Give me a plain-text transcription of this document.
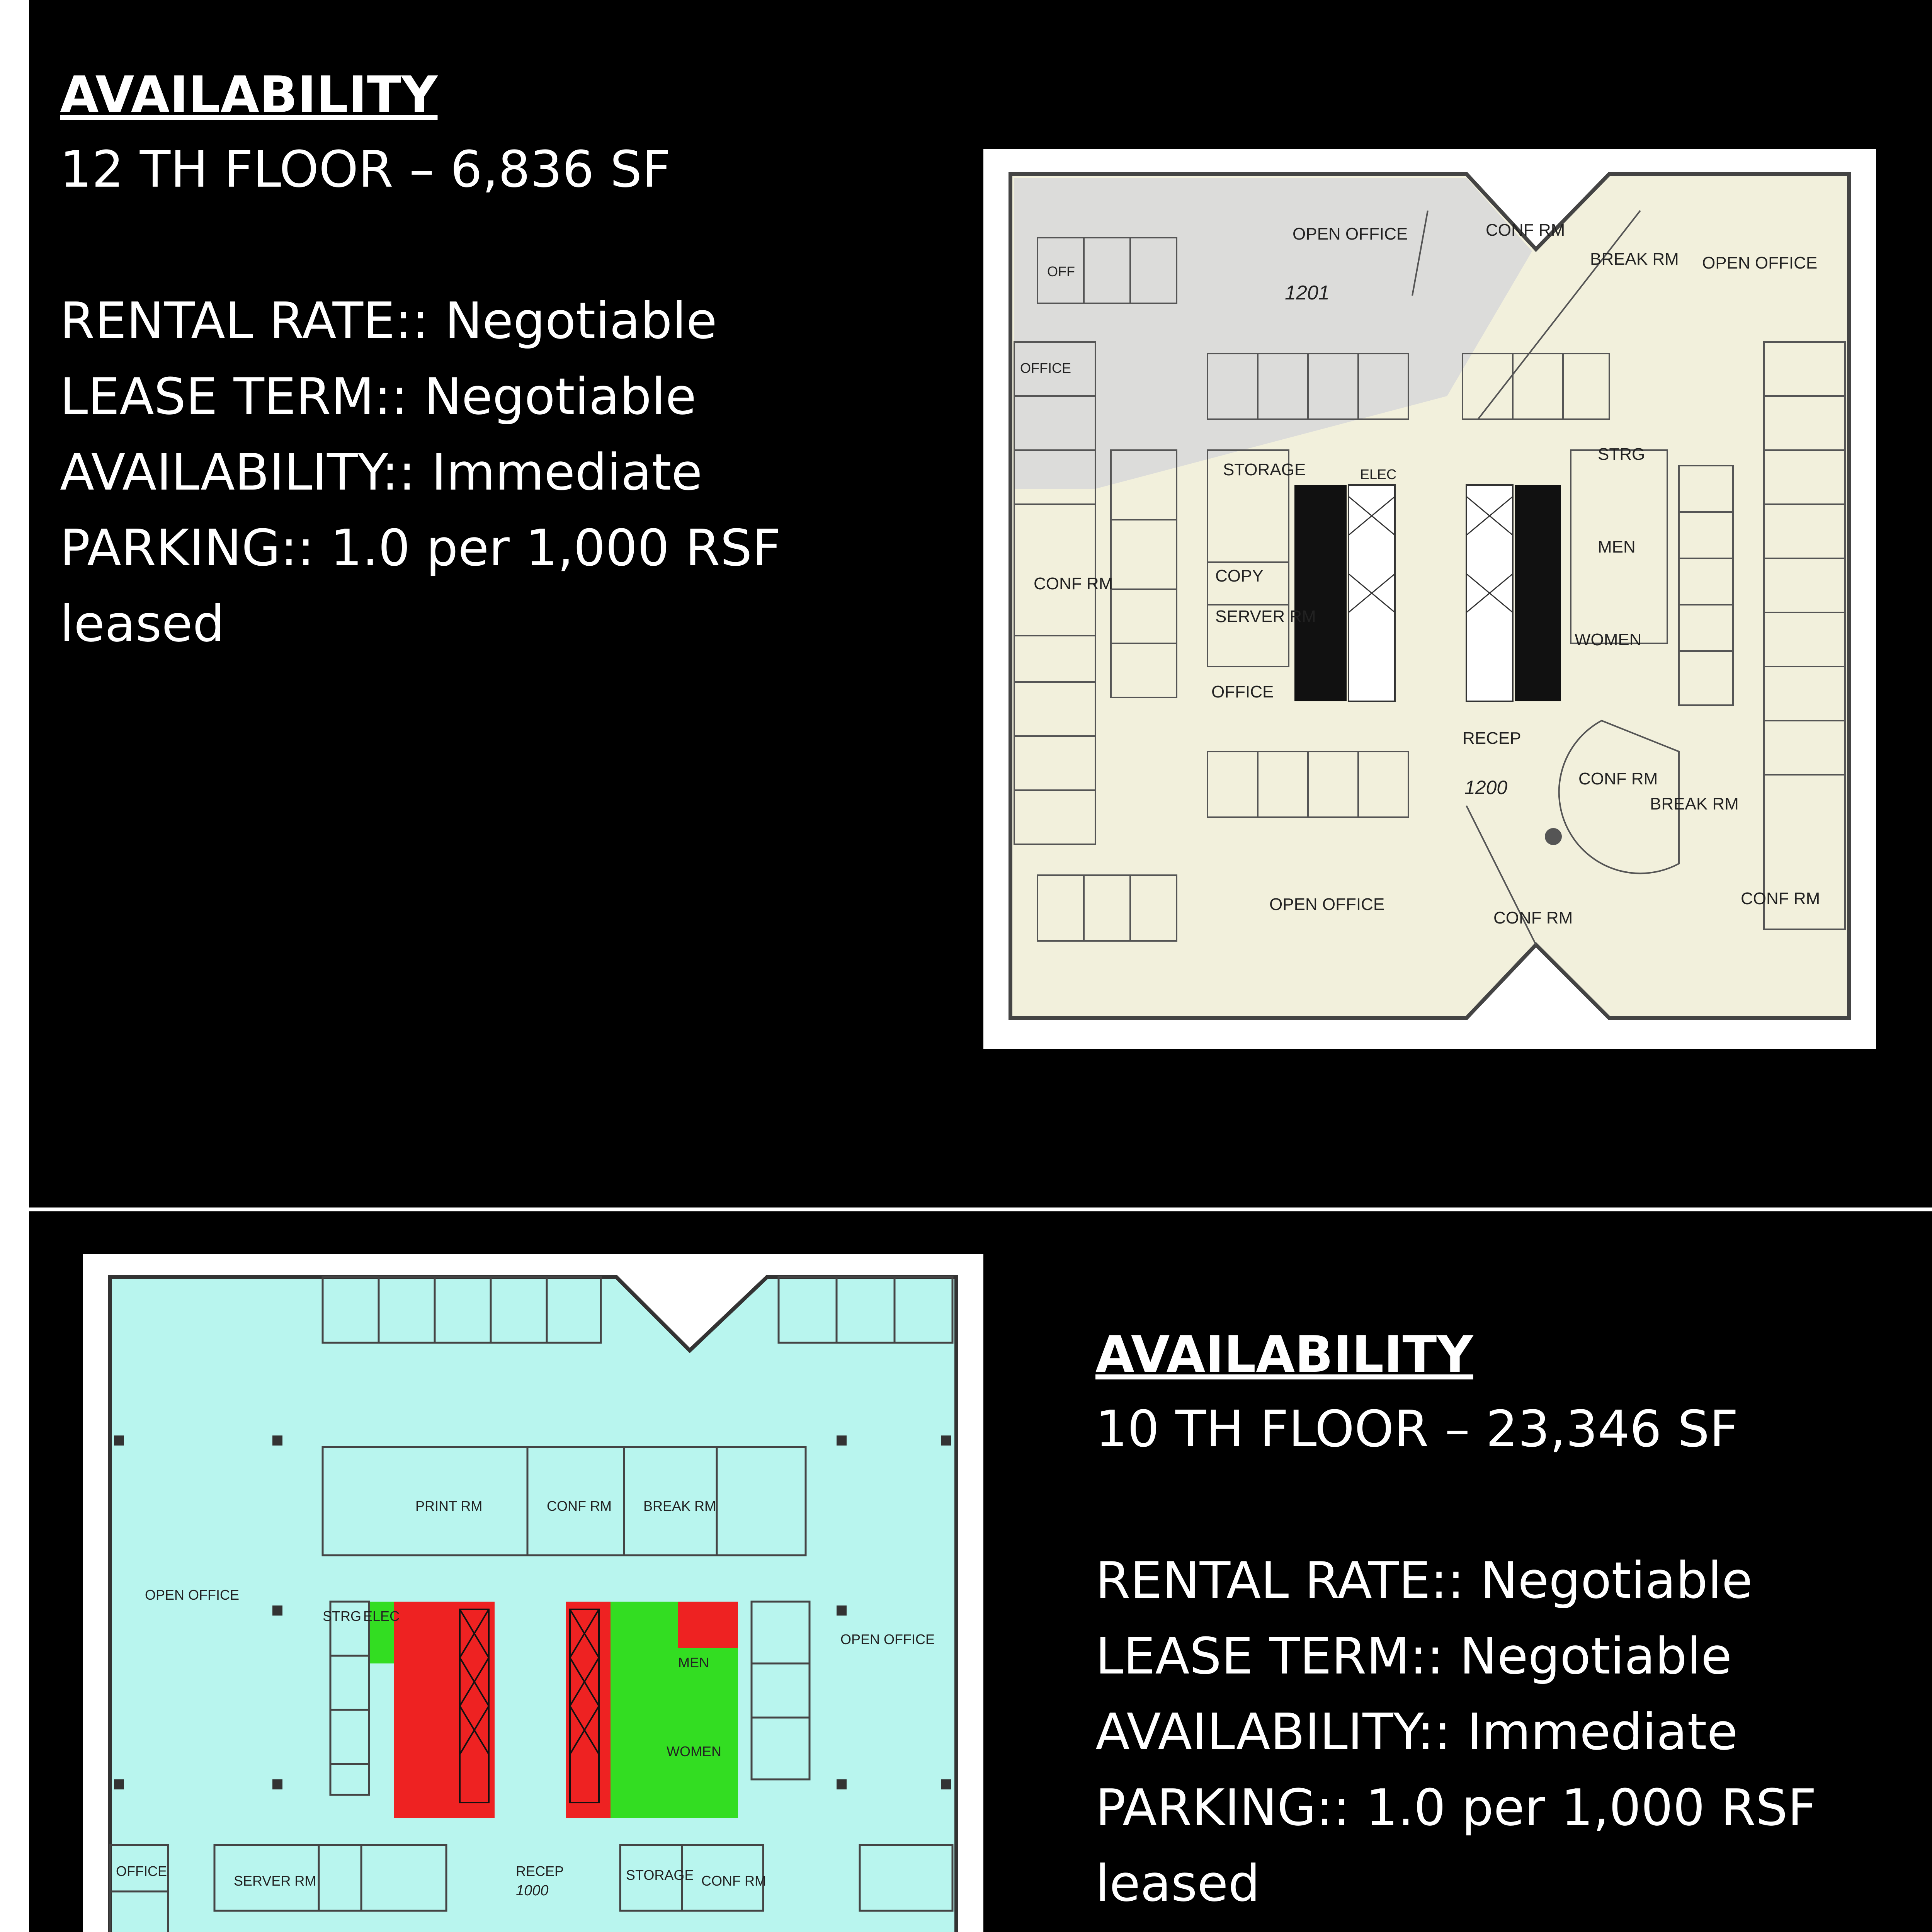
AVAILABILITY
12 TH FLOOR – 6,836 SF
RENTAL RATE:: Negotiable
LEASE TERM:: Negotiable
AVAILABILITY:: Immediate
PARKING:: 1.0 per 1,000 RSF
leased
OPEN OFFICE
1201
CONF RM
BREAK RM OPEN OFFICE
STORAGE
STRG
MEN
WOMEN
COPY
SERVER RM
OFFICE
RECEP
1200	CONF RM
BREAK RM
OPEN OFFICE
CONF RM
CONF RM
CONF RM
ELEC
OFF
OFFICE
AVAILABILITY
10 TH FLOOR – 23,346 SF
RENTAL RATE:: Negotiable
LEASE TERM:: Negotiable
AVAILABILITY:: Immediate
PARKING:: 1.0 per 1,000 RSF
leased
PRINT RM	CONF RM BREAK RM
OPEN OFFICE
OPEN OFFICE
MEN
WOMEN
STRG ELEC
SERVER RM
RECEP
1000
STORAGE CONF RM
OFFICE
